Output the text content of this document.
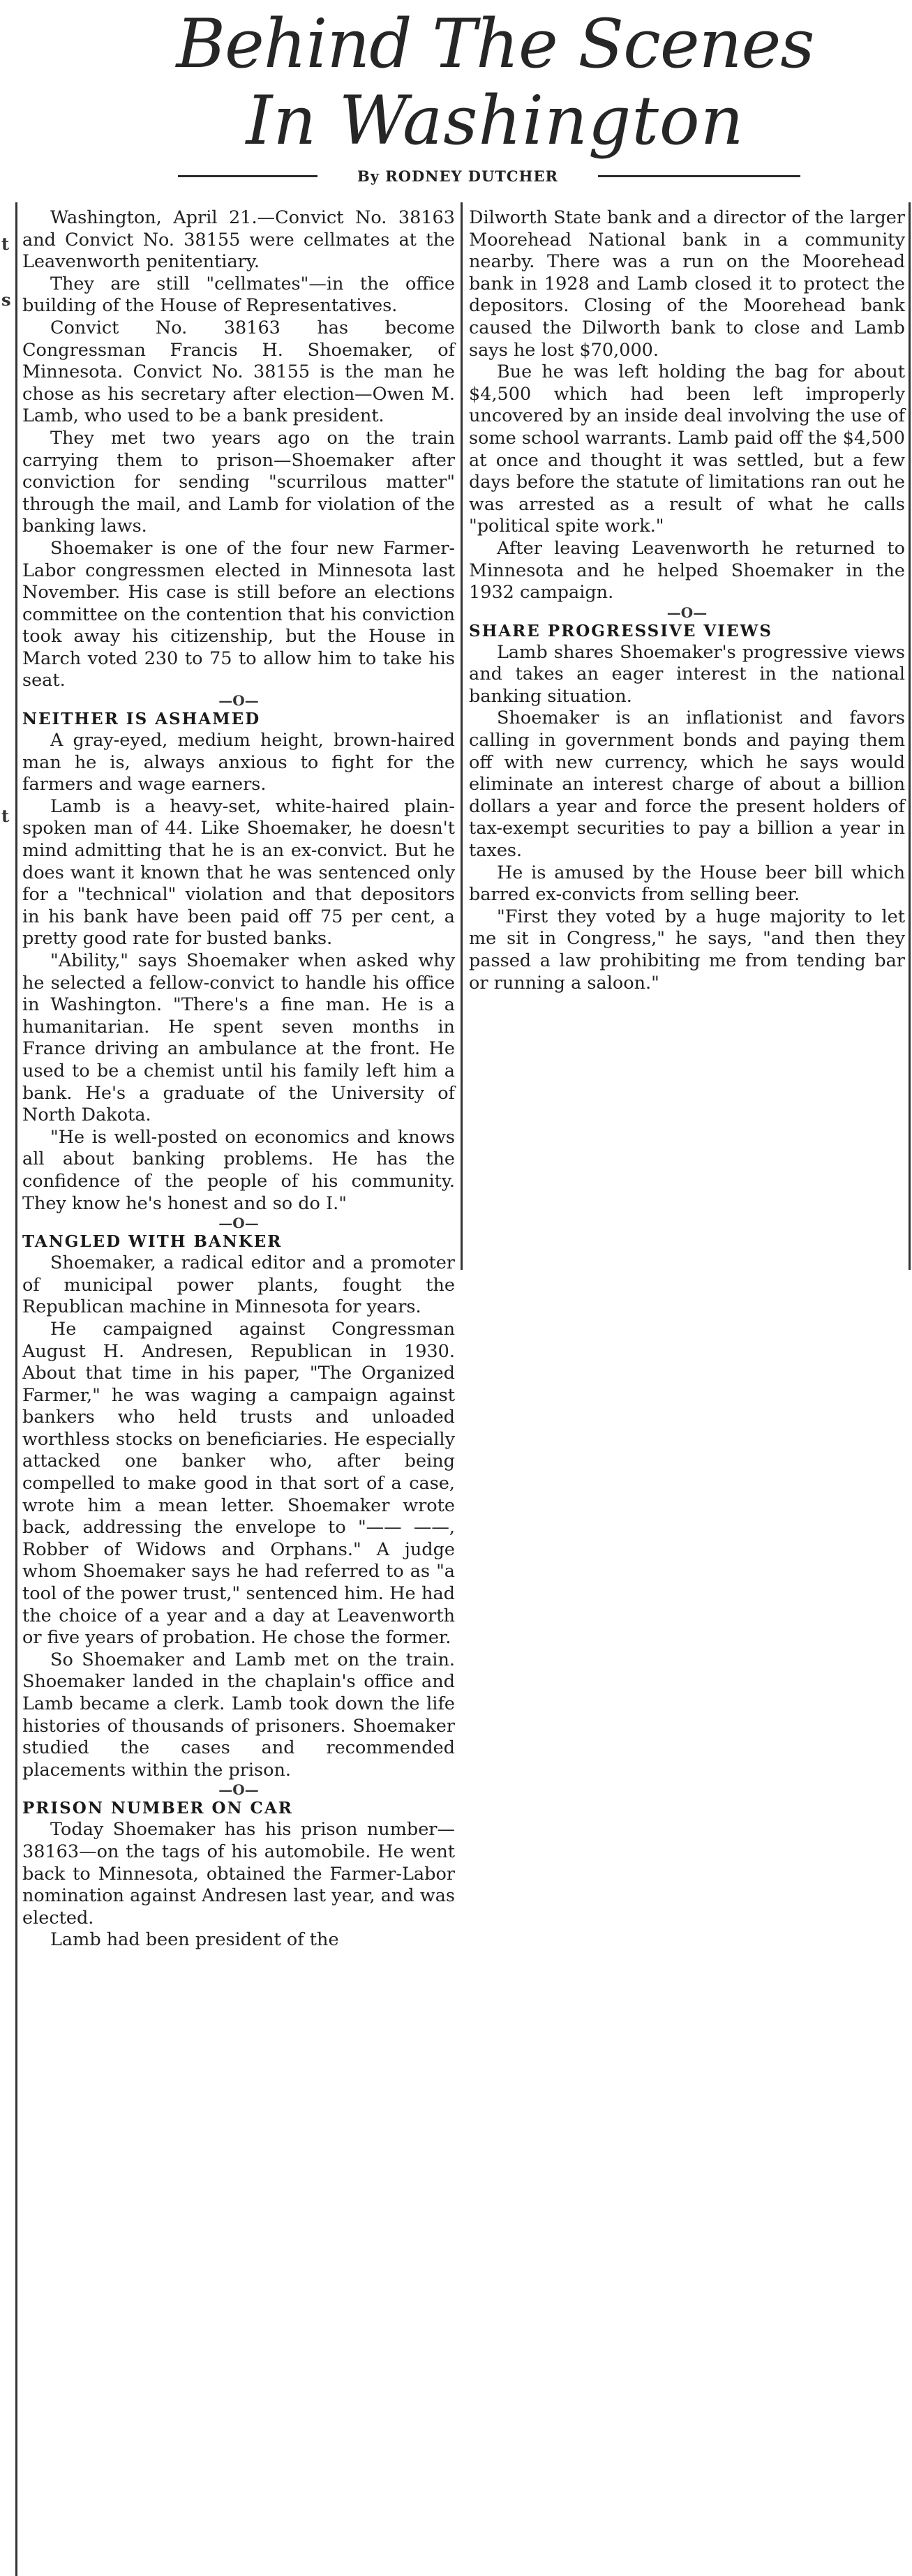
Behind The Scenes
In Washington
By RODNEY DUTCHER
t
s
t

Washington, April 21.—Convict No. 38163 and Convict No. 38155 were cellmates at the Leavenworth penitentiary.

They are still "cellmates"—in the office building of the House of Representatives.

Convict No. 38163 has become Congressman Francis H. Shoemaker, of Minnesota. Convict No. 38155 is the man he chose as his secretary after election—Owen M. Lamb, who used to be a bank president.

They met two years ago on the train carrying them to prison—Shoemaker after conviction for sending "scurrilous matter" through the mail, and Lamb for violation of the banking laws.

Shoemaker is one of the four new Farmer-Labor congressmen elected in Minnesota last November. His case is still before an elections committee on the contention that his conviction took away his citizenship, but the House in March voted 230 to 75 to allow him to take his seat.

—O—

NEITHER IS ASHAMED

A gray-eyed, medium height, brown-haired man he is, always anxious to fight for the farmers and wage earners.

Lamb is a heavy-set, white-haired plain-spoken man of 44. Like Shoemaker, he doesn't mind admitting that he is an ex-convict. But he does want it known that he was sentenced only for a "technical" violation and that depositors in his bank have been paid off 75 per cent, a pretty good rate for busted banks.

"Ability," says Shoemaker when asked why he selected a fellow-convict to handle his office in Washington. "There's a fine man. He is a humanitarian. He spent seven months in France driving an ambulance at the front. He used to be a chemist until his family left him a bank. He's a graduate of the University of North Dakota.

"He is well-posted on economics and knows all about banking problems. He has the confidence of the people of his community. They know he's honest and so do I."

—O—

TANGLED WITH BANKER

Shoemaker, a radical editor and a promoter of municipal power plants, fought the Republican machine in Minnesota for years.

He campaigned against Congressman August H. Andresen, Republican in 1930. About that time in his paper, "The Organized Farmer," he was waging a campaign against bankers who held trusts and unloaded worthless stocks on beneficiaries. He especially attacked one banker who, after being compelled to make good in that sort of a case, wrote him a mean letter. Shoemaker wrote back, addressing the envelope to "—— ——, Robber of Widows and Orphans." A judge whom Shoemaker says he had referred to as "a tool of the power trust," sentenced him. He had the choice of a year and a day at Leavenworth or five years of probation. He chose the former.

So Shoemaker and Lamb met on the train. Shoemaker landed in the chaplain's office and Lamb became a clerk. Lamb took down the life histories of thousands of prisoners. Shoemaker studied the cases and recommended placements within the prison.

—O—

PRISON NUMBER ON CAR

Today Shoemaker has his prison number—38163—on the tags of his automobile. He went back to Minnesota, obtained the Farmer-Labor nomination against Andresen last year, and was elected.

Lamb had been president of the

Dilworth State bank and a director of the larger Moorehead National bank in a community nearby. There was a run on the Moorehead bank in 1928 and Lamb closed it to protect the depositors. Closing of the Moorehead bank caused the Dilworth bank to close and Lamb says he lost $70,000.

Bue he was left holding the bag for about $4,500 which had been left improperly uncovered by an inside deal involving the use of some school warrants. Lamb paid off the $4,500 at once and thought it was settled, but a few days before the statute of limitations ran out he was arrested as a result of what he calls "political spite work."

After leaving Leavenworth he returned to Minnesota and he helped Shoemaker in the 1932 campaign.

—O—

SHARE PROGRESSIVE VIEWS

Lamb shares Shoemaker's progressive views and takes an eager interest in the national banking situation.

Shoemaker is an inflationist and favors calling in government bonds and paying them off with new currency, which he says would eliminate an interest charge of about a billion dollars a year and force the present holders of tax-exempt securities to pay a billion a year in taxes.

He is amused by the House beer bill which barred ex-convicts from selling beer.

"First they voted by a huge majority to let me sit in Congress," he says, "and then they passed a law prohibiting me from tending bar or running a saloon."
